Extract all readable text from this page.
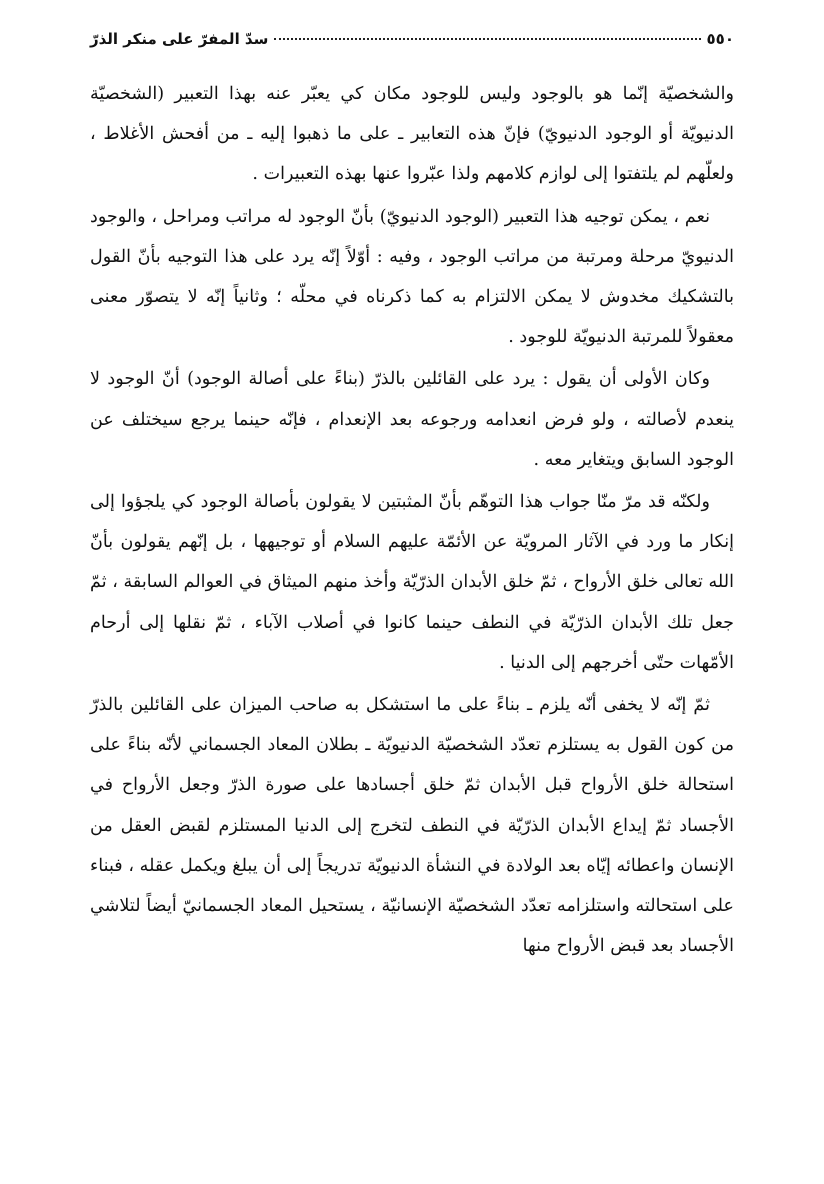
٥٥٠
سدّ المفرّ على منكر الذرّ

والشخصيّة إنّما هو بالوجود وليس للوجود مكان كي يعبّر عنه بهذا التعبير (الشخصيّة الدنيويّة أو الوجود الدنيويّ) فإنّ هذه التعابير ـ على ما ذهبوا إليه ـ من أفحش الأغلاط ، ولعلّهم لم يلتفتوا إلى لوازم كلامهم ولذا عبّروا عنها بهذه التعبيرات .

نعم ، يمكن توجيه هذا التعبير (الوجود الدنيويّ) بأنّ الوجود له مراتب ومراحل ، والوجود الدنيويّ مرحلة ومرتبة من مراتب الوجود ، وفيه : أوّلاً إنّه يرد على هذا التوجيه بأنّ القول بالتشكيك مخدوش لا يمكن الالتزام به كما ذكرناه في محلّه ؛ وثانياً إنّه لا يتصوّر معنى معقولاً للمرتبة الدنيويّة للوجود .

وكان الأولى أن يقول : يرد على القائلين بالذرّ (بناءً على أصالة الوجود) أنّ الوجود لا ينعدم لأصالته ، ولو فرض انعدامه ورجوعه بعد الإنعدام ، فإنّه حينما يرجع سيختلف عن الوجود السابق ويتغاير معه .

ولكنّه قد مرّ منّا جواب هذا التوهّم بأنّ المثبتين لا يقولون بأصالة الوجود كي يلجؤوا إلى إنكار ما ورد في الآثار المرويّة عن الأئمّة عليهم السلام أو توجيهها ، بل إنّهم يقولون بأنّ الله تعالى خلق الأرواح ، ثمّ خلق الأبدان الذرّيّة وأخذ منهم الميثاق في العوالم السابقة ، ثمّ جعل تلك الأبدان الذرّيّة في النطف حينما كانوا في أصلاب الآباء ، ثمّ نقلها إلى أرحام الأمّهات حتّى أخرجهم إلى الدنيا .

ثمّ إنّه لا يخفى أنّه يلزم ـ بناءً على ما استشكل به صاحب الميزان على القائلين بالذرّ من كون القول به يستلزم تعدّد الشخصيّة الدنيويّة ـ بطلان المعاد الجسماني لأنّه بناءً على استحالة خلق الأرواح قبل الأبدان ثمّ خلق أجسادها على صورة الذرّ وجعل الأرواح في الأجساد ثمّ إيداع الأبدان الذرّيّة في النطف لتخرج إلى الدنيا المستلزم لقبض العقل من الإنسان واعطائه إيّاه بعد الولادة في النشأة الدنيويّة تدريجاً إلى أن يبلغ ويكمل عقله ، فبناء على استحالته واستلزامه تعدّد الشخصيّة الإنسانيّة ، يستحيل المعاد الجسمانيّ أيضاً لتلاشي الأجساد بعد قبض الأرواح منها
